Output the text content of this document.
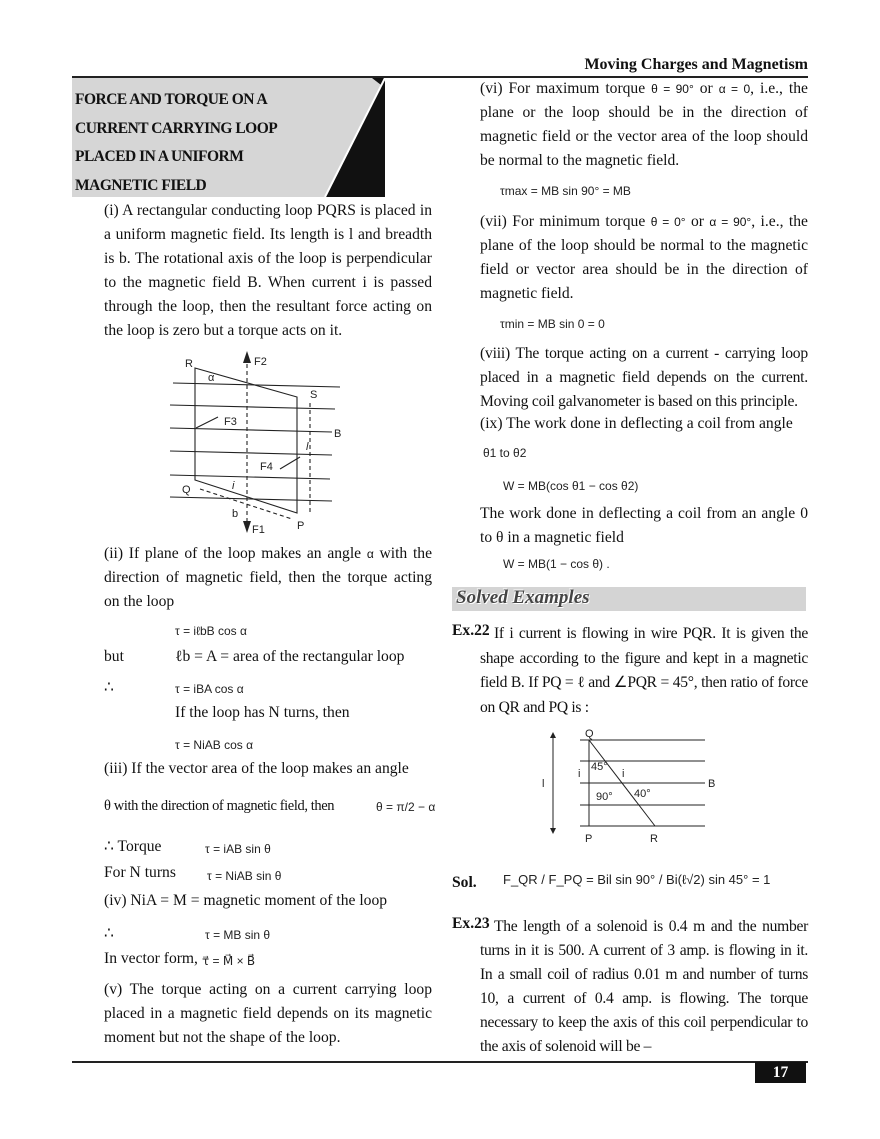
Moving Charges and Magnetism
FORCE AND TORQUE ON A
CURRENT CARRYING LOOP
PLACED IN A UNIFORM
MAGNETIC FIELD
(i) A rectangular conducting loop PQRS is placed in a uniform magnetic field. Its length is l and breadth is b. The rotational axis of the loop is perpendicular to the magnetic field B. When current i is passed through the loop, then the resultant force acting on the loop is zero but a torque acts on it.
R
S
Q
P
F2
F1
F3
F4
B
α
i
l
b
(ii) If plane of the loop makes an angle α with the direction of magnetic field, then the torque acting on the loop
τ = iℓbB cos α
but	ℓb = A = area of the rectangular loop
∴	τ = iBA cos α
If the loop has N turns, then
τ = NiAB cos α
(iii) If the vector area of the loop makes an angle
θ with the direction of magnetic field, then	θ = π/2 − α
∴ Torque	τ = iAB sin θ
For N turns	τ = NiAB sin θ
(iv) NiA = M = magnetic moment of the loop
∴	τ = MB sin θ
In vector form, τ⃗ = M⃗ × B⃗
(v) The torque acting on a current carrying loop placed in a magnetic field depends on its magnetic moment but not the shape of the loop.
(vi) For maximum torque θ = 90° or α = 0, i.e., the plane or the loop should be in the direction of magnetic field or the vector area of the loop should be normal to the magnetic field.
τmax = MB sin 90° = MB
(vii) For minimum torque θ = 0° or α = 90°, i.e., the plane of the loop should be normal to the magnetic field or vector area should be in the direction of magnetic field.
τmin = MB sin 0 = 0
(viii) The torque acting on a current - carrying loop placed in a magnetic field depends on the current. Moving coil galvanometer is based on this principle.
(ix) The work done in deflecting a coil from angle
θ1 to θ2
W = MB(cos θ1 − cos θ2)
The work done in deflecting a coil from an angle 0 to θ in a magnetic field
W = MB(1 − cos θ) .
Solved Examples
Ex.22 If i current is flowing in wire PQR. It is given the shape according to the figure and kept in a magnetic field B. If PQ = ℓ and ∠PQR = 45°, then ratio of force on QR and PQ is :
Q
P	R
B
l
i	i
45°
90° 40°
Sol. F_QR / F_PQ = Bil sin 90° / Bi(ℓ√2) sin 45° = 1
Ex.23 The length of a solenoid is 0.4 m and the number turns in it is 500. A current of 3 amp. is flowing in it. In a small coil of radius 0.01 m and number of turns 10, a current of 0.4 amp. is flowing. The torque necessary to keep the axis of this coil perpendicular to the axis of solenoid will be –
17
